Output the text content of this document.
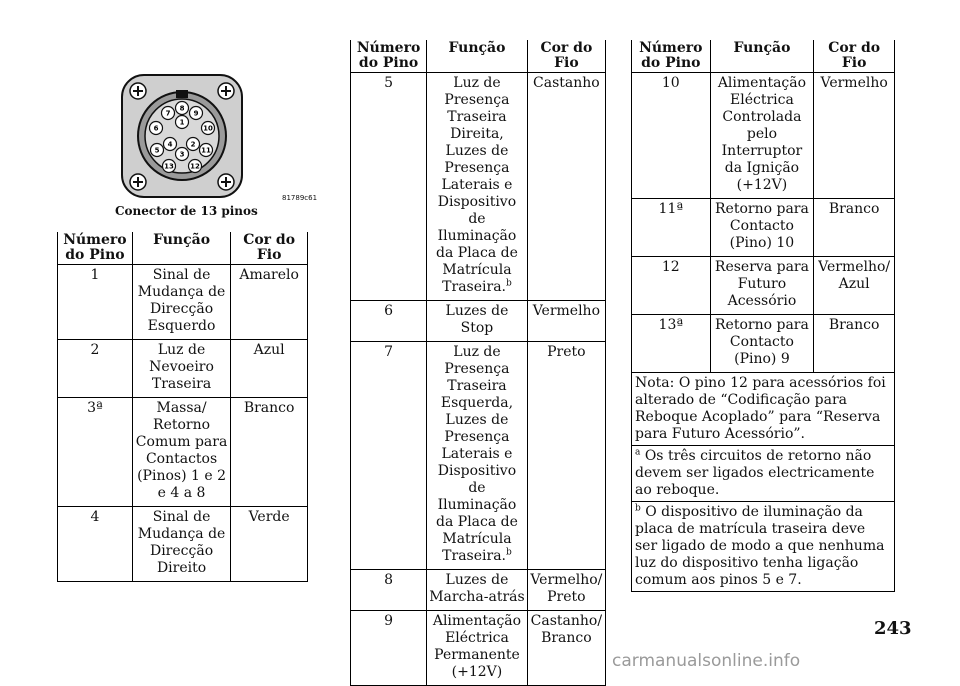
1
2
3
4
5
6
7
8
9
10
11
12
13
Conector de 13 pinos
81789c61
Número do Pino	Função	Cor do Fio
1	Sinal de Mudança de Direcção Esquerdo	Amarelo
2	Luz de Nevoeiro Traseira	Azul
3ª	Massa/ Retorno Comum para Contactos (Pinos) 1 e 2 e 4 a 8	Branco
4	Sinal de Mudança de Direcção Direito	Verde
Número do Pino	Função	Cor do Fio
5	Luz de Presença Traseira Direita, Luzes de Presença Laterais e Dispositivo de Iluminação da Placa de Matrícula Traseira.$^b$	Castanho
6	Luzes de Stop	Vermelho
7	Luz de Presença Traseira Esquerda, Luzes de Presença Laterais e Dispositivo de Iluminação da Placa de Matrícula Traseira.$^b$	Preto
8	Luzes de Marcha-atrás	Vermelho/ Preto
9	Alimentação Eléctrica Permanente (+12V)	Castanho/ Branco
Número do Pino	Função	Cor do Fio
10	Alimentação Eléctrica Controlada pelo Interruptor da Ignição (+12V)	Vermelho
11ª	Retorno para Contacto (Pino) 10	Branco
12	Reserva para Futuro Acessório	Vermelho/ Azul
13ª	Retorno para Contacto (Pino) 9	Branco
Nota: O pino 12 para acessórios foi alterado de “Codificação para Reboque Acoplado” para “Reserva para Futuro Acessório”.		
$^a$ Os três circuitos de retorno não devem ser ligados electricamente ao reboque.		
$^b$ O dispositivo de iluminação da placa de matrícula traseira deve ser ligado de modo a que nenhuma luz do dispositivo tenha ligação comum aos pinos 5 e 7.		
243
carmanualsonline.info
